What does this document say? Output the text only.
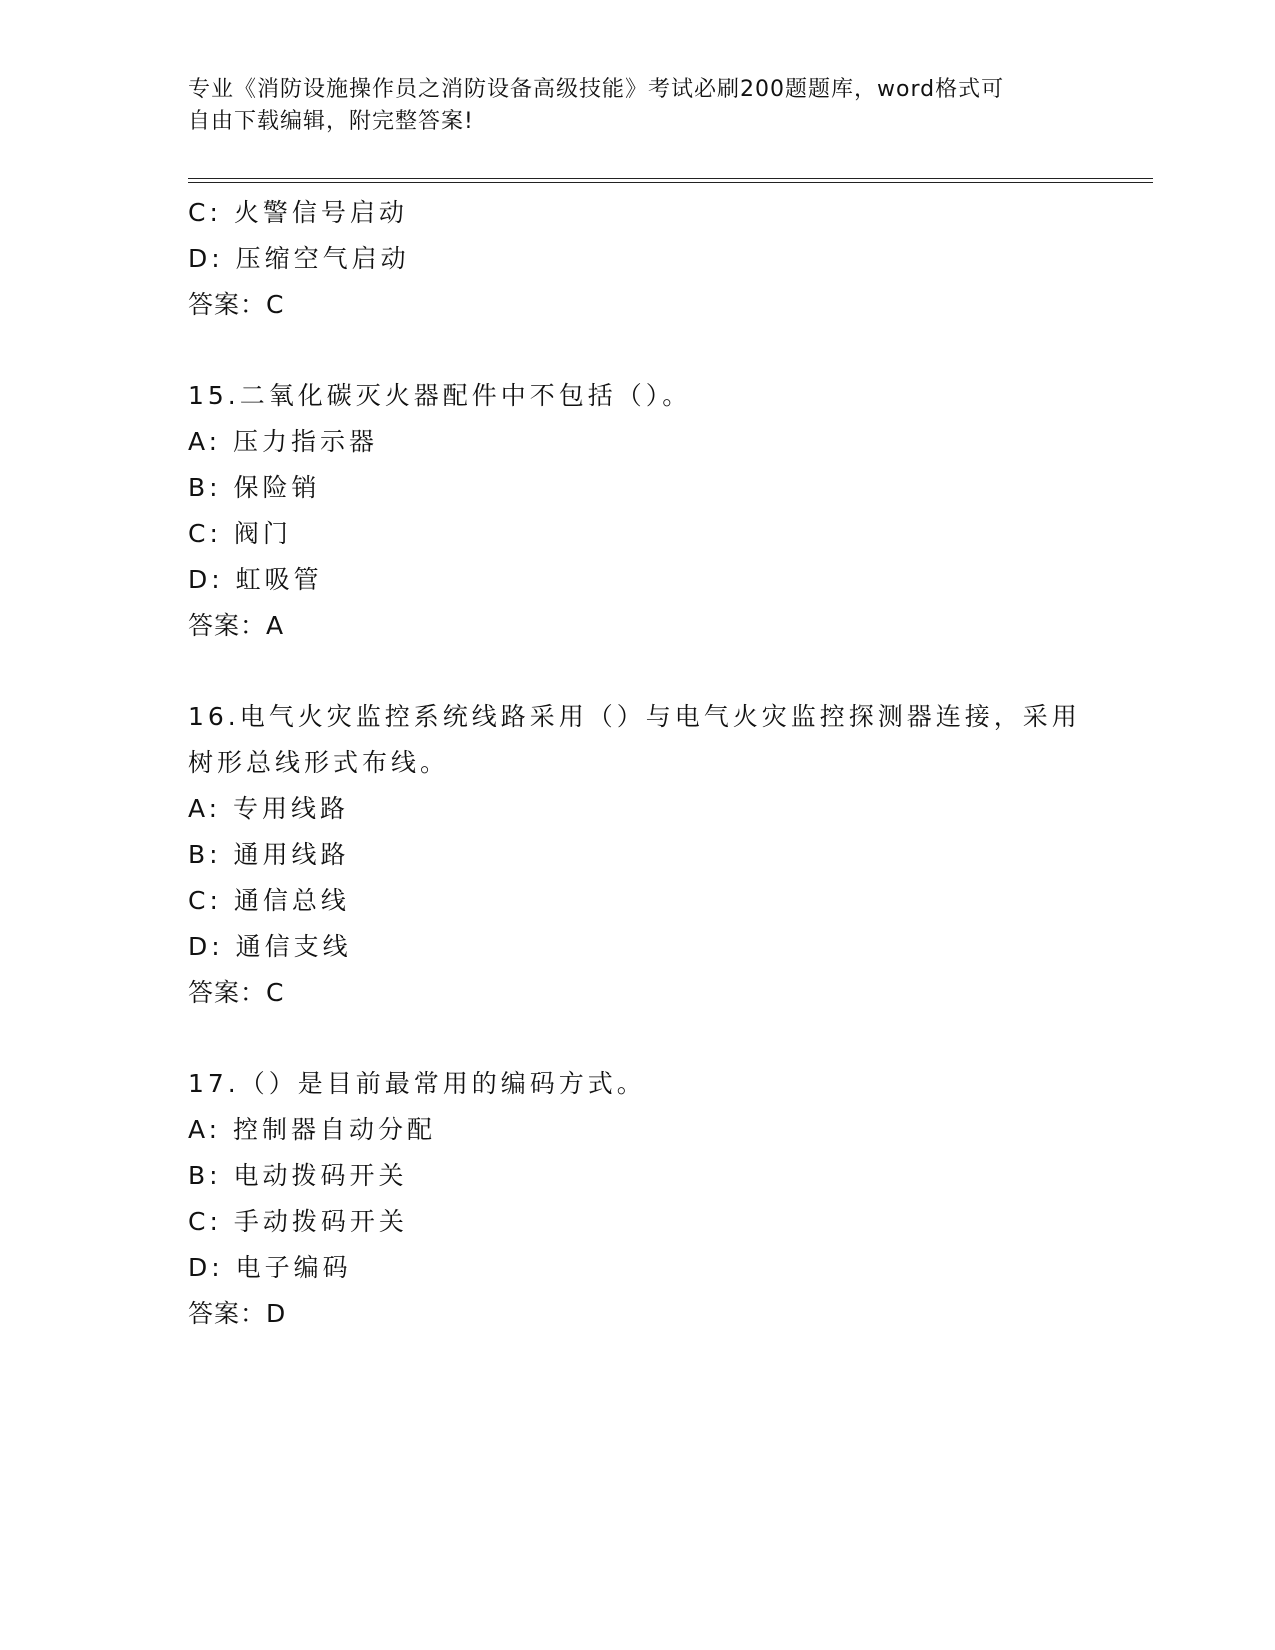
专业《消防设施操作员之消防设备高级技能》考试必刷200题题库，word格式可
自由下载编辑，附完整答案!
C: 火警信号启动
D: 压缩空气启动
答案：C
15.二氧化碳灭火器配件中不包括（）。
A: 压力指示器
B: 保险销
C: 阀门
D: 虹吸管
答案：A
16.电气火灾监控系统线路采用（）与电气火灾监控探测器连接，采用
树形总线形式布线。
A: 专用线路
B: 通用线路
C: 通信总线
D: 通信支线
答案：C
17.（）是目前最常用的编码方式。
A: 控制器自动分配
B: 电动拨码开关
C: 手动拨码开关
D: 电子编码
答案：D
